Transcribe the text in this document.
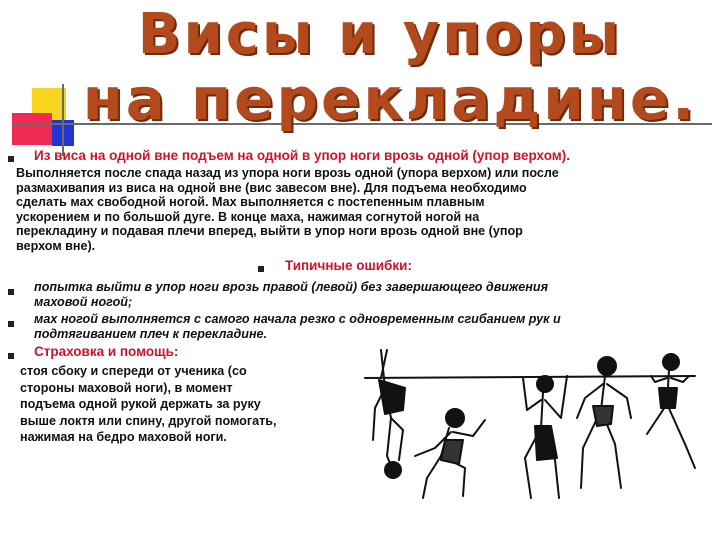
Висы и упоры
на перекладине.
Из виса на одной вне подъем на одной в упор ноги врозь одной (упор верхом).
Выполняется после спада назад из упора ноги врозь одной (упора верхом) или после
размахивапия из виса на одной вне (вис завесом вне). Для подъема необходимо
сделать мах свободной ногой. Мах выполняется с постепенным плавным
ускорением и по большой дуге. В конце маха, нажимая согнутой ногой на
перекладину и подавая плечи вперед, выйти в упор ноги врозь одной вне (упор
верхом вне).
Типичные ошибки:
попытка выйти в упор ноги врозь правой (левой) без завершающего движения
маховой ногой;
мах ногой выполняется с самого начала резко с одновременным сгибанием рук и
подтягиванием плеч к перекладине.
Страховка и помощь:
стоя сбоку и спереди от ученика (со
стороны маховой ноги), в момент
подъема одной рукой держать за руку
выше локтя или спину, другой помогать,
нажимая на бедро маховой ноги.
